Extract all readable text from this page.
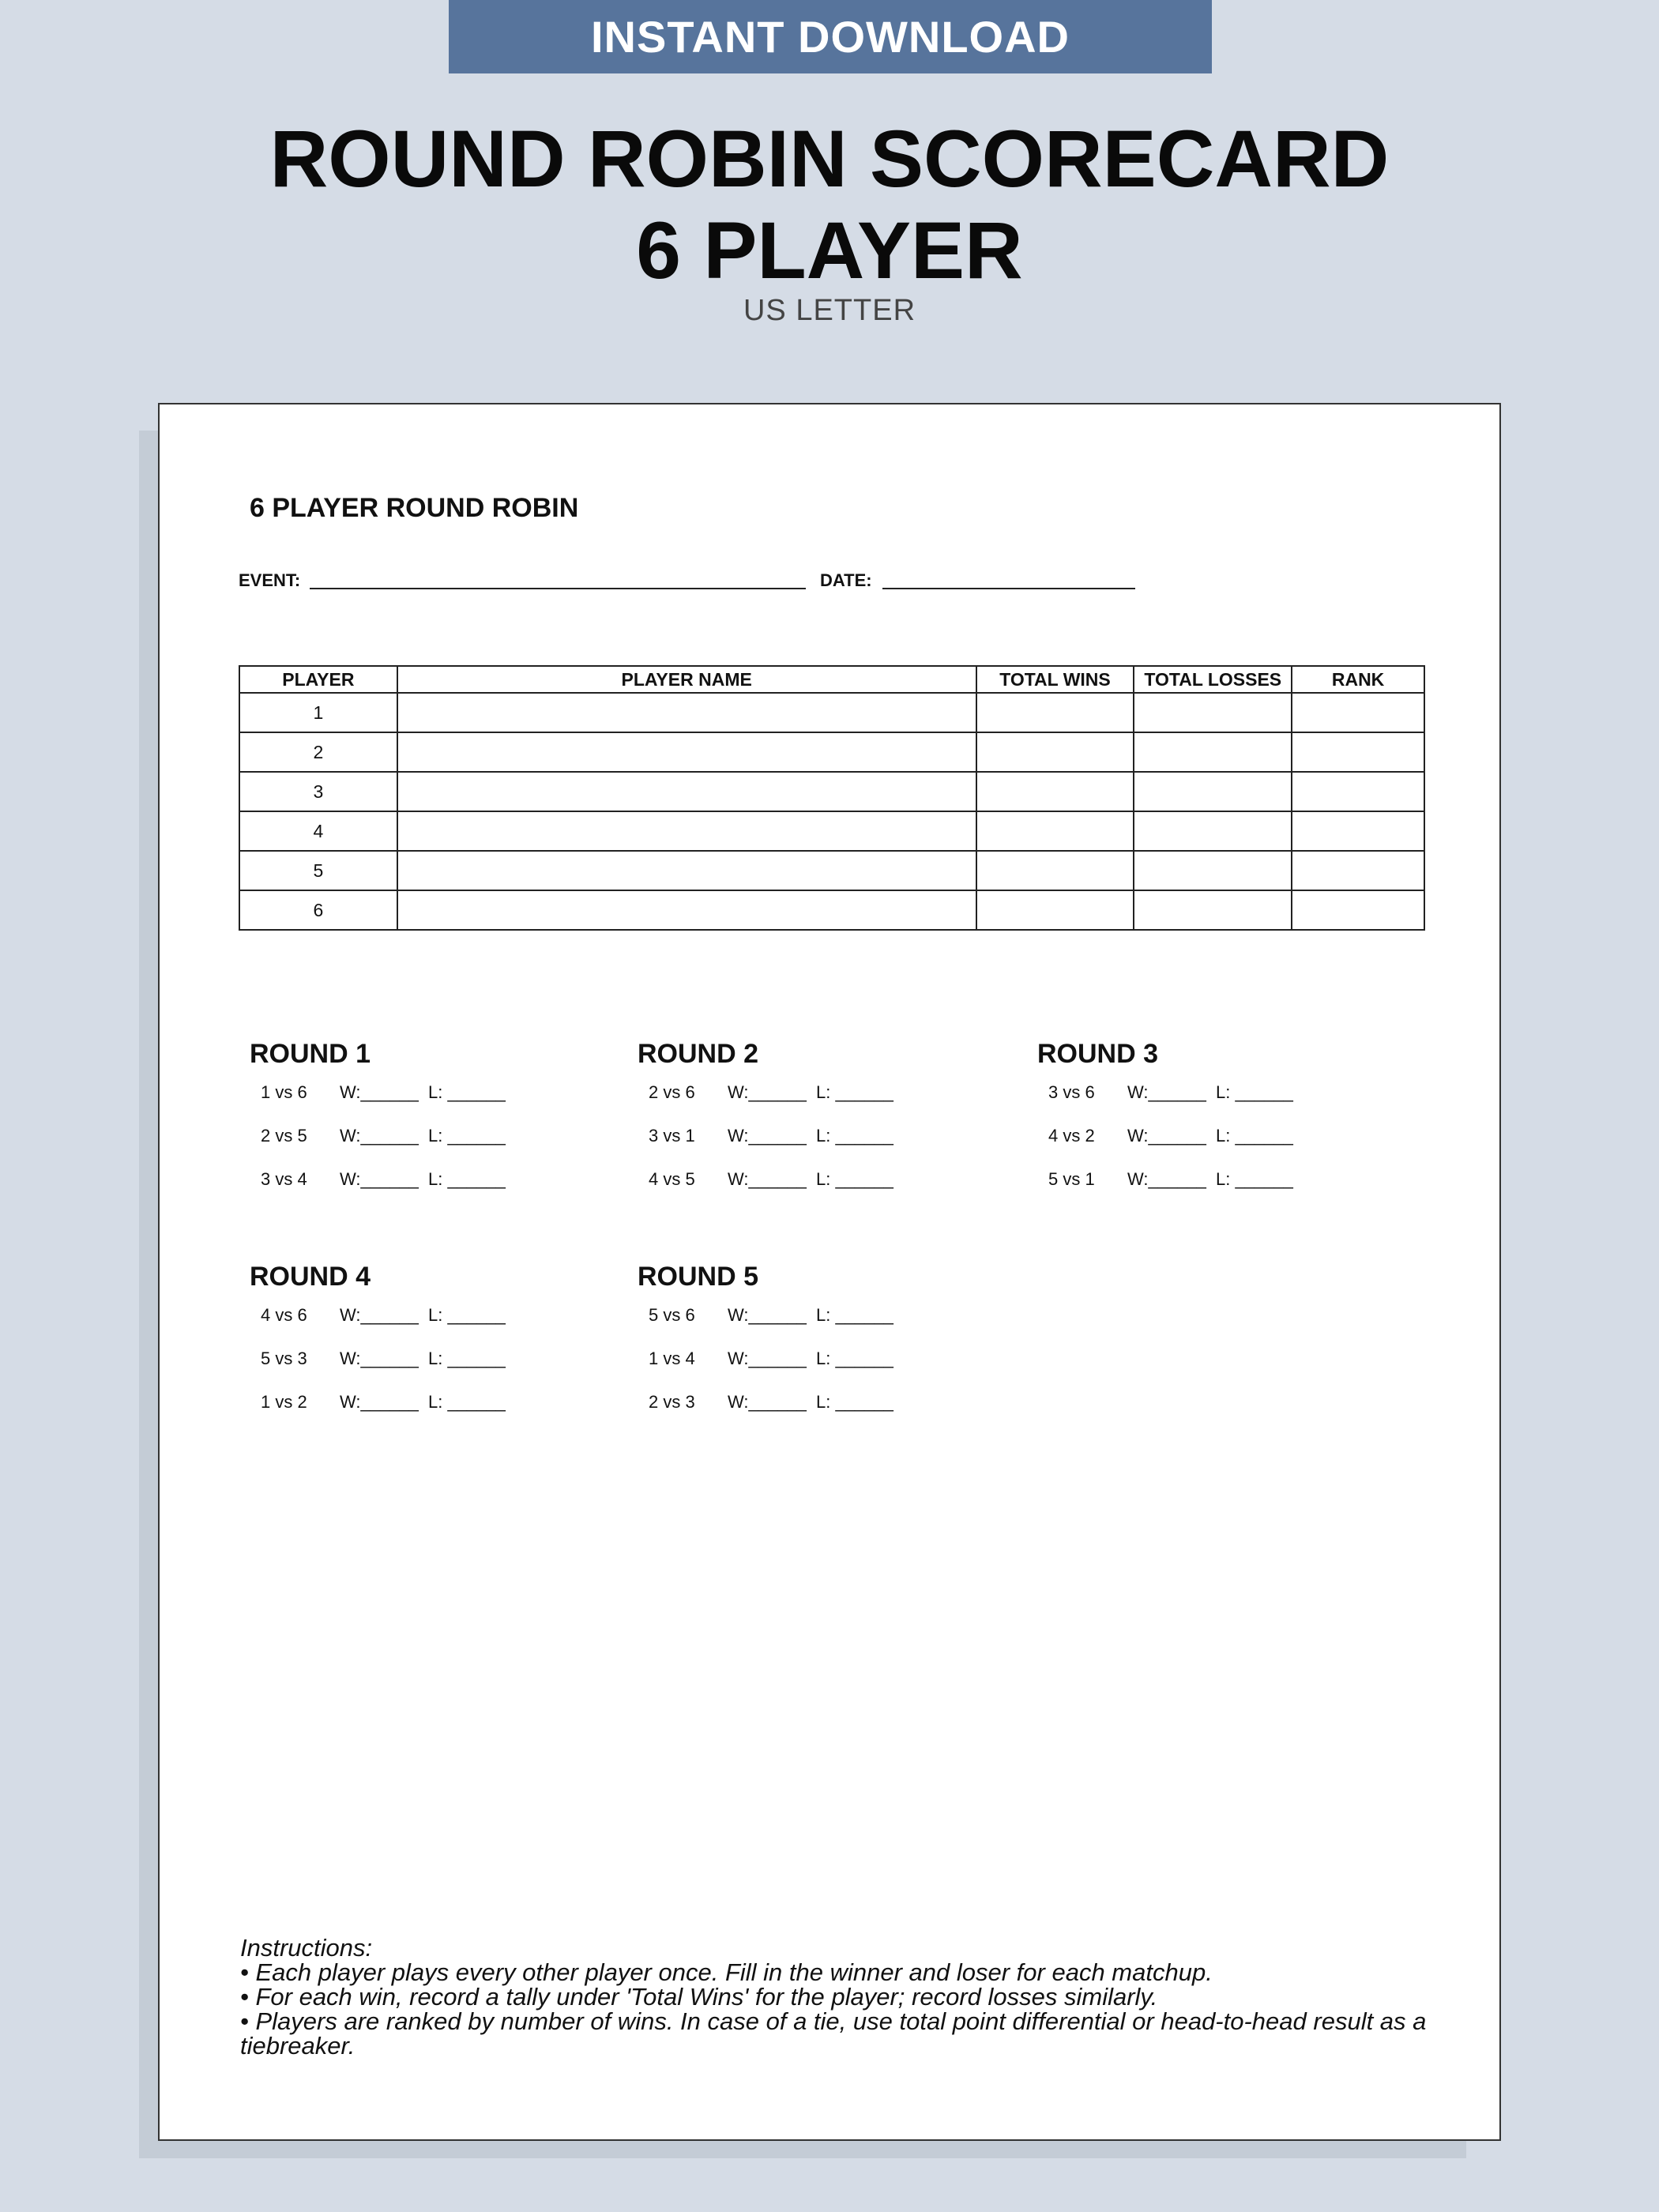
INSTANT DOWNLOAD
ROUND ROBIN SCORECARD
6 PLAYER
US LETTER
6 PLAYER ROUND ROBIN
EVENT:	DATE:
PLAYER	PLAYER NAME	TOTAL WINS	TOTAL LOSSES	RANK
1				
2				
3				
4				
5				
6				
ROUND 1
1 vs 6 W:______ L: ______
2 vs 5 W:______ L: ______
3 vs 4 W:______ L: ______
ROUND 2
2 vs 6 W:______ L: ______
3 vs 1 W:______ L: ______
4 vs 5 W:______ L: ______
ROUND 3
3 vs 6 W:______ L: ______
4 vs 2 W:______ L: ______
5 vs 1 W:______ L: ______
ROUND 4
4 vs 6 W:______ L: ______
5 vs 3 W:______ L: ______
1 vs 2 W:______ L: ______
ROUND 5
5 vs 6 W:______ L: ______
1 vs 4 W:______ L: ______
2 vs 3 W:______ L: ______
Instructions:
• Each player plays every other player once. Fill in the winner and loser for each matchup.
• For each win, record a tally under 'Total Wins' for the player; record losses similarly.
• Players are ranked by number of wins. In case of a tie, use total point differential or head-to-head result as a tiebreaker.
